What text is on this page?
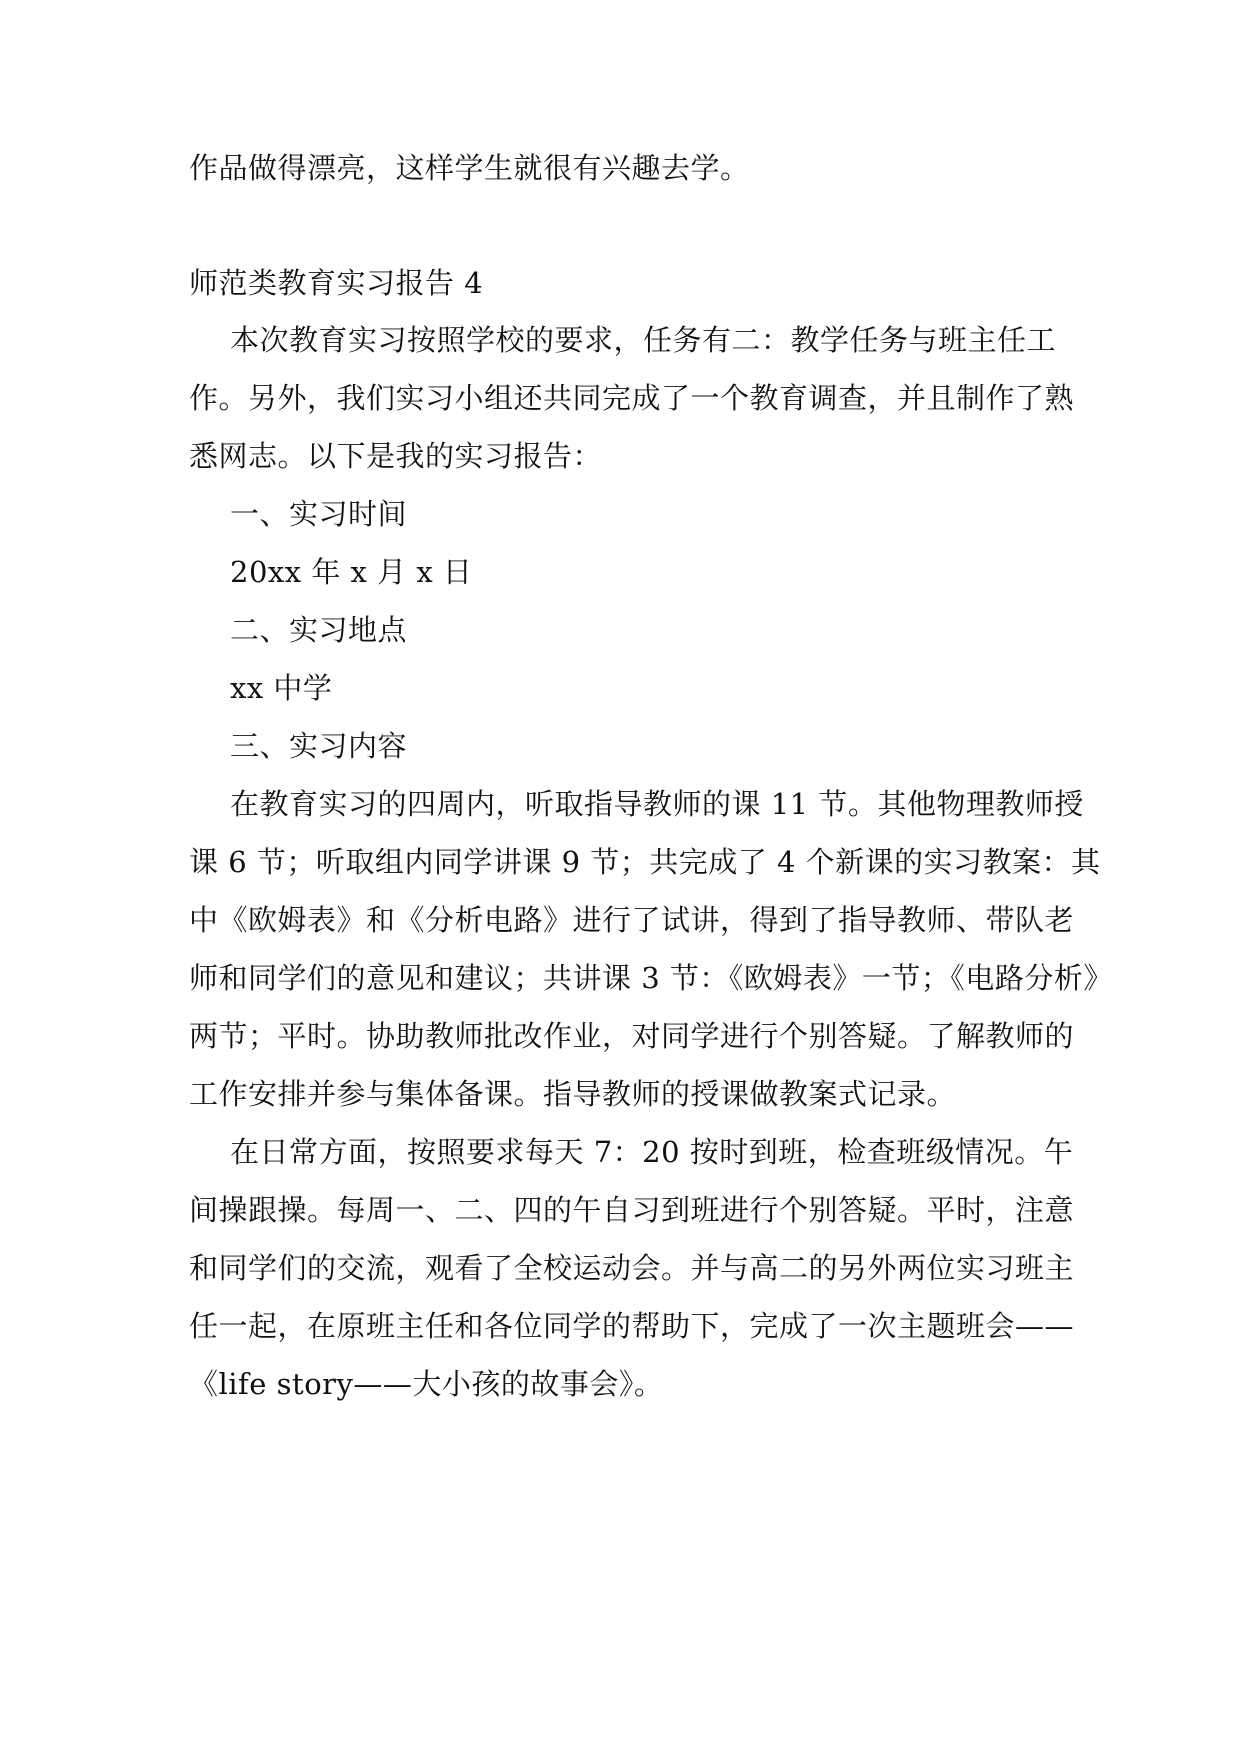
作品做得漂亮，这样学生就很有兴趣去学。
师范类教育实习报告 4
本次教育实习按照学校的要求，任务有二：教学任务与班主任工
作。另外，我们实习小组还共同完成了一个教育调查，并且制作了熟
悉网志。以下是我的实习报告：
一、实习时间
20xx 年 x 月 x 日
二、实习地点
xx 中学
三、实习内容
在教育实习的四周内，听取指导教师的课 11 节。其他物理教师授
课 6 节；听取组内同学讲课 9 节；共完成了 4 个新课的实习教案：其
中《欧姆表》和《分析电路》进行了试讲，得到了指导教师、带队老
师和同学们的意见和建议；共讲课 3 节：《欧姆表》一节；《电路分析》
两节；平时。协助教师批改作业，对同学进行个别答疑。了解教师的
工作安排并参与集体备课。指导教师的授课做教案式记录。
在日常方面，按照要求每天 7：20 按时到班，检查班级情况。午
间操跟操。每周一、二、四的午自习到班进行个别答疑。平时，注意
和同学们的交流，观看了全校运动会。并与高二的另外两位实习班主
任一起，在原班主任和各位同学的帮助下，完成了一次主题班会——
《life story——大小孩的故事会》。
